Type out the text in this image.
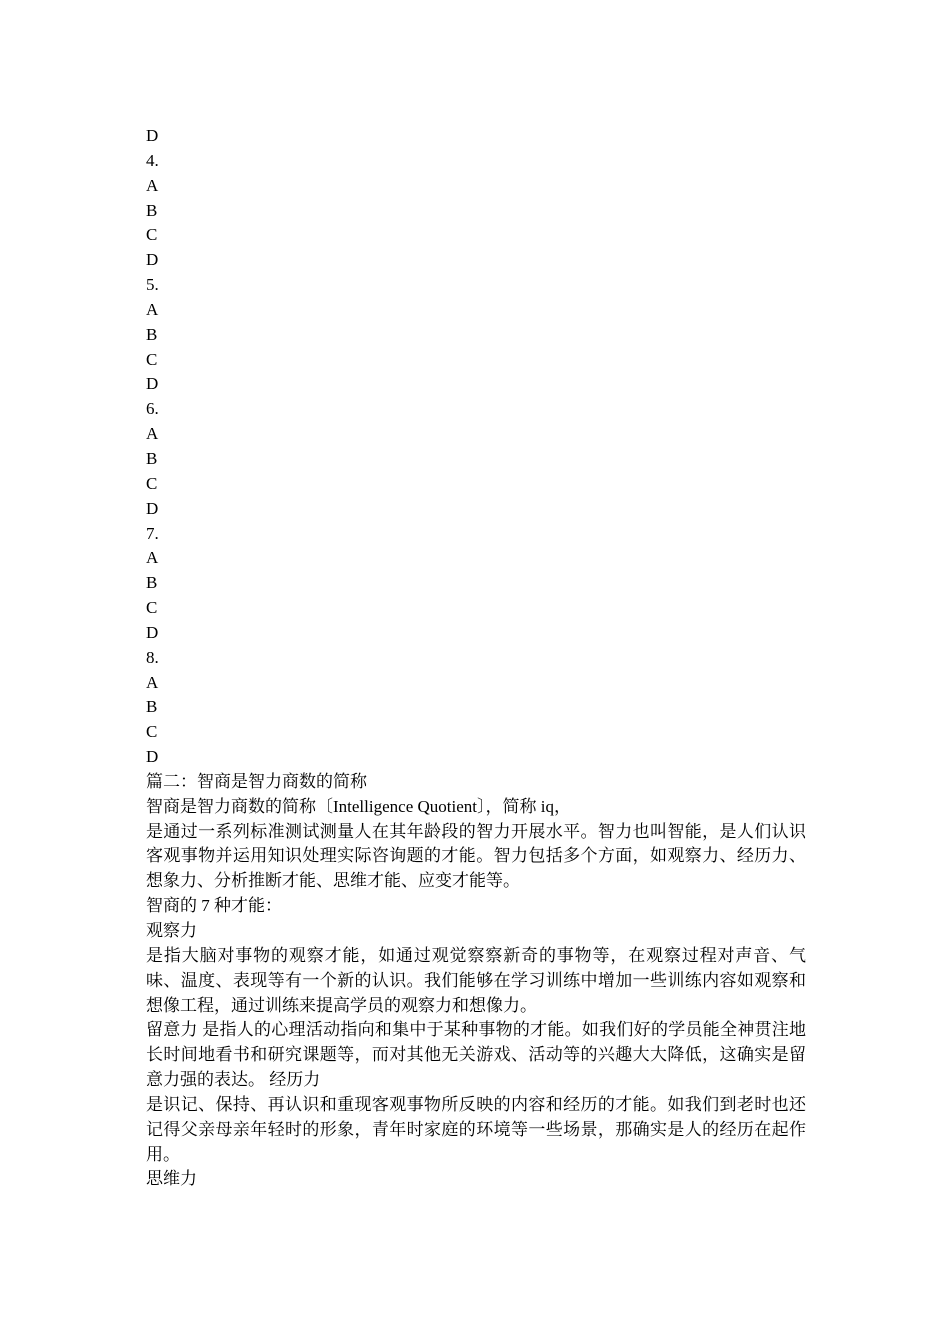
D
4.
A
B
C
D
5.
A
B
C
D
6.
A
B
C
D
7.
A
B
C
D
8.
A
B
C
D
篇二：智商是智力商数的简称
智商是智力商数的简称〔Intelligence Quotient〕，简称 iq，
是通过一系列标准测试测量人在其年龄段的智力开展水平。智力也叫智能，是人们认识客观事物并运用知识处理实际咨询题的才能。智力包括多个方面，如观察力、经历力、想象力、分析推断才能、思维才能、应变才能等。
智商的 7 种才能：
观察力
是指大脑对事物的观察才能，如通过观觉察察新奇的事物等，在观察过程对声音、气味、温度、表现等有一个新的认识。我们能够在学习训练中增加一些训练内容如观察和想像工程，通过训练来提高学员的观察力和想像力。
留意力 是指人的心理活动指向和集中于某种事物的才能。如我们好的学员能全神贯注地长时间地看书和研究课题等，而对其他无关游戏、活动等的兴趣大大降低，这确实是留意力强的表达。 经历力
是识记、保持、再认识和重现客观事物所反映的内容和经历的才能。如我们到老时也还记得父亲母亲年轻时的形象，青年时家庭的环境等一些场景，那确实是人的经历在起作用。
思维力
